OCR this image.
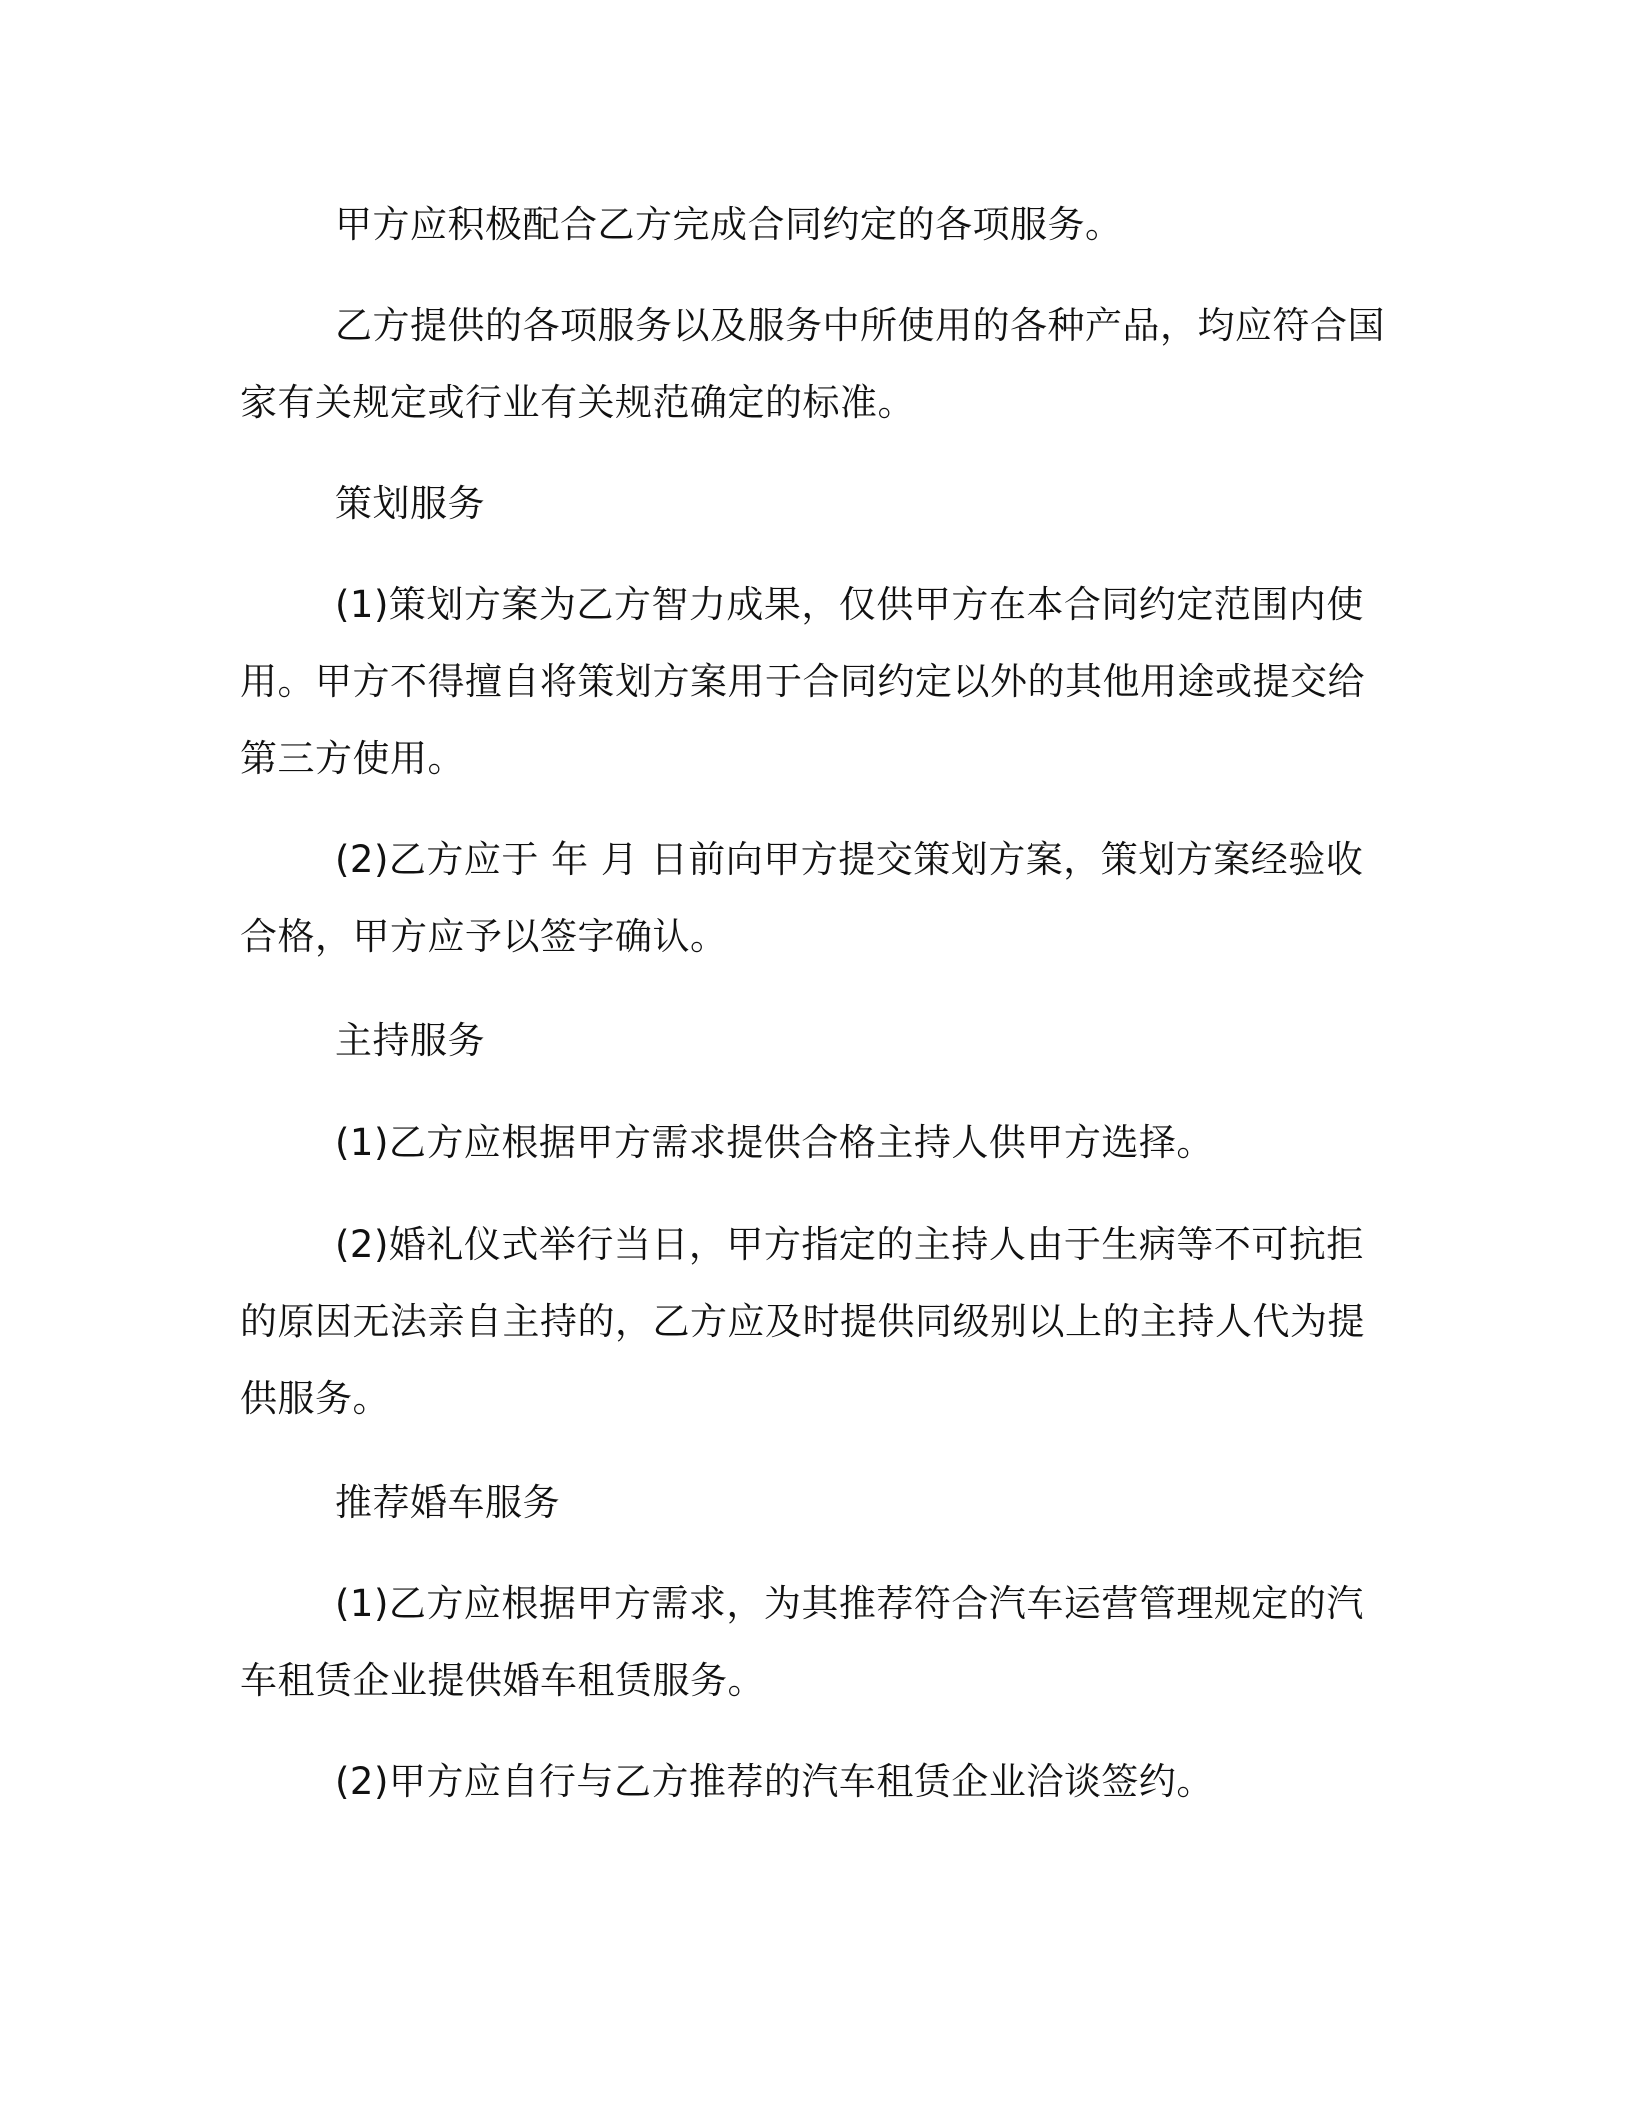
甲方应积极配合乙方完成合同约定的各项服务。

乙方提供的各项服务以及服务中所使用的各种产品，均应符合国家有关规定或行业有关规范确定的标准。

策划服务

(1)策划方案为乙方智力成果，仅供甲方在本合同约定范围内使用。甲方不得擅自将策划方案用于合同约定以外的其他用途或提交给第三方使用。

(2)乙方应于 年 月 日前向甲方提交策划方案，策划方案经验收合格，甲方应予以签字确认。

主持服务

(1)乙方应根据甲方需求提供合格主持人供甲方选择。

(2)婚礼仪式举行当日，甲方指定的主持人由于生病等不可抗拒的原因无法亲自主持的，乙方应及时提供同级别以上的主持人代为提供服务。

推荐婚车服务

(1)乙方应根据甲方需求，为其推荐符合汽车运营管理规定的汽车租赁企业提供婚车租赁服务。

(2)甲方应自行与乙方推荐的汽车租赁企业洽谈签约。
